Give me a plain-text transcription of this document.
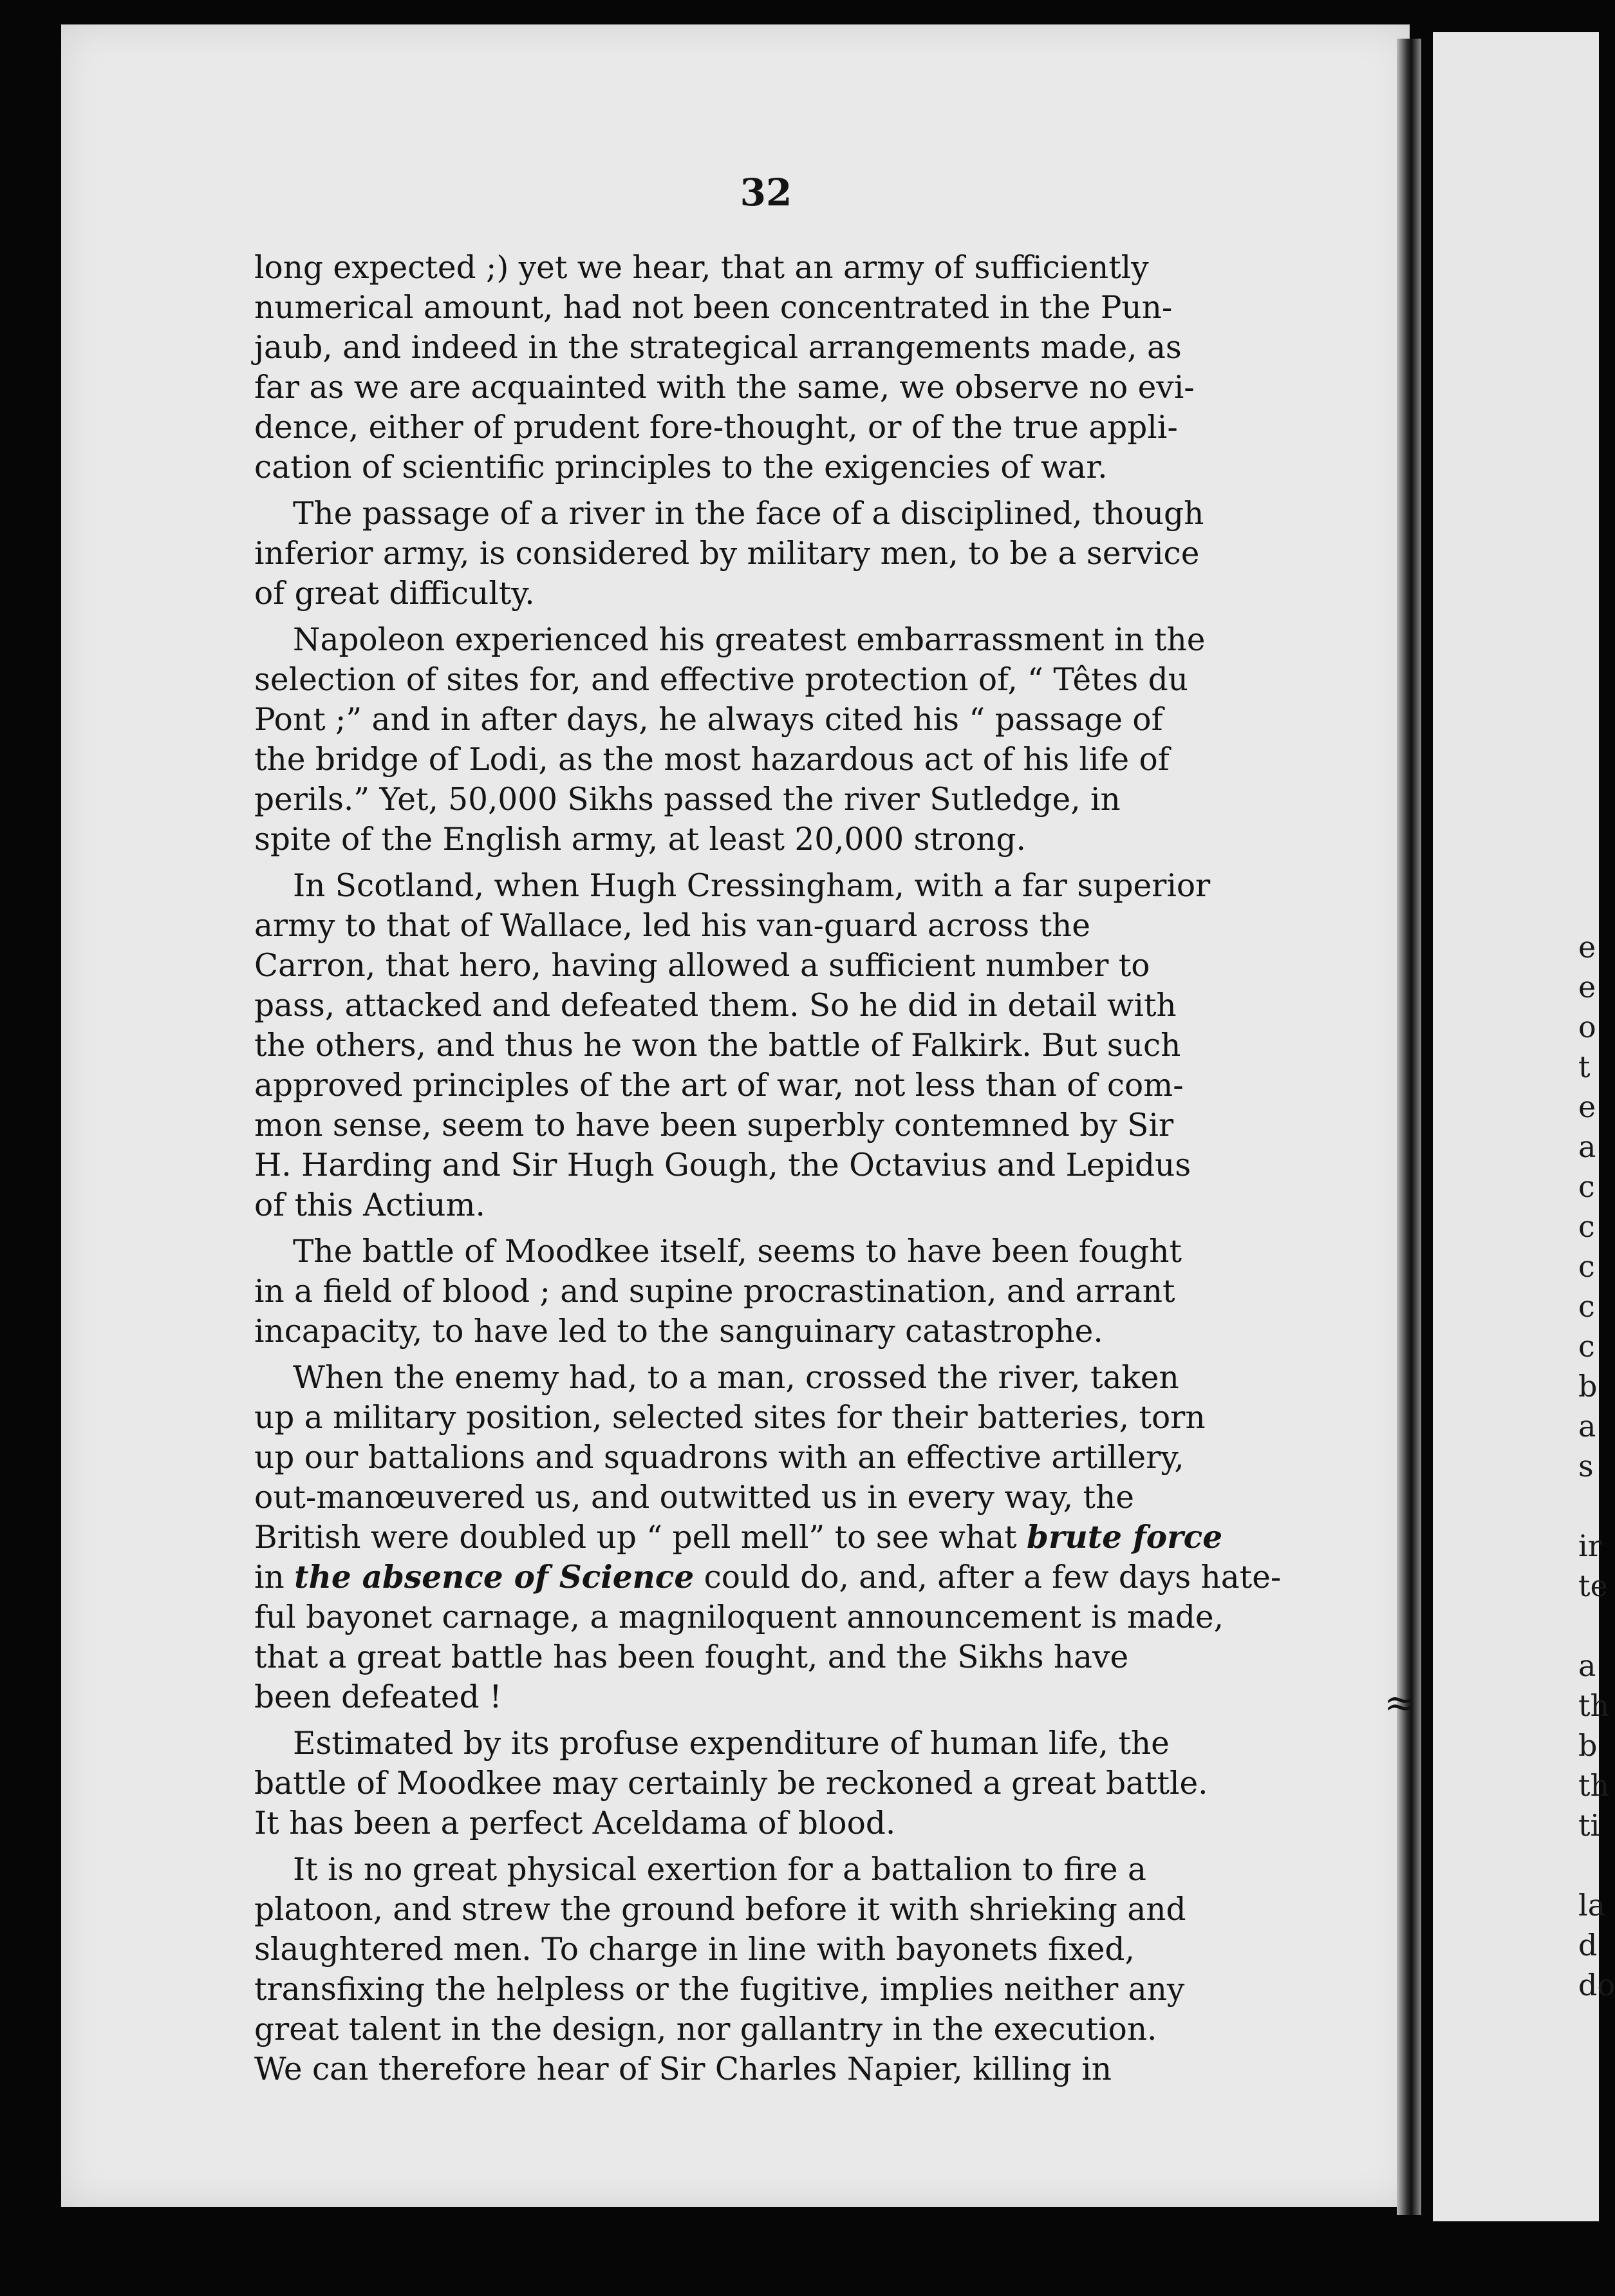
32

long expected ;) yet we hear, that an army of sufficiently
numerical amount, had not been concentrated in the Pun-
jaub, and indeed in the strategical arrangements made, as
far as we are acquainted with the same, we observe no evi-
dence, either of prudent fore-thought, or of the true appli-
cation of scientific principles to the exigencies of war.

The passage of a river in the face of a disciplined, though
inferior army, is considered by military men, to be a service
of great difficulty.

Napoleon experienced his greatest embarrassment in the
selection of sites for, and effective protection of, “ Têtes du
Pont ;” and in after days, he always cited his “ passage of
the bridge of Lodi, as the most hazardous act of his life of
perils.” Yet, 50,000 Sikhs passed the river Sutledge, in
spite of the English army, at least 20,000 strong.

In Scotland, when Hugh Cressingham, with a far superior
army to that of Wallace, led his van-guard across the
Carron, that hero, having allowed a sufficient number to
pass, attacked and defeated them. So he did in detail with
the others, and thus he won the battle of Falkirk. But such
approved principles of the art of war, not less than of com-
mon sense, seem to have been superbly contemned by Sir
H. Harding and Sir Hugh Gough, the Octavius and Lepidus
of this Actium.

The battle of Moodkee itself, seems to have been fought
in a field of blood ; and supine procrastination, and arrant
incapacity, to have led to the sanguinary catastrophe.

When the enemy had, to a man, crossed the river, taken
up a military position, selected sites for their batteries, torn
up our battalions and squadrons with an effective artillery,
out-manœuvered us, and outwitted us in every way, the
British were doubled up “ pell mell” to see what brute force
in the absence of Science could do, and, after a few days hate-
ful bayonet carnage, a magniloquent announcement is made,
that a great battle has been fought, and the Sikhs have
been defeated !

Estimated by its profuse expenditure of human life, the
battle of Moodkee may certainly be reckoned a great battle.
It has been a perfect Aceldama of blood.

It is no great physical exertion for a battalion to fire a
platoon, and strew the ground before it with shrieking and
slaughtered men. To charge in line with bayonets fixed,
transfixing the helpless or the fugitive, implies neither any
great talent in the design, nor gallantry in the execution.
We can therefore hear of Sir Charles Napier, killing in

e
e
o
t
e
a
c
c
c
c
c
b
a
s

ir
te

a
th
b
th
ti

la
d
do
≈
